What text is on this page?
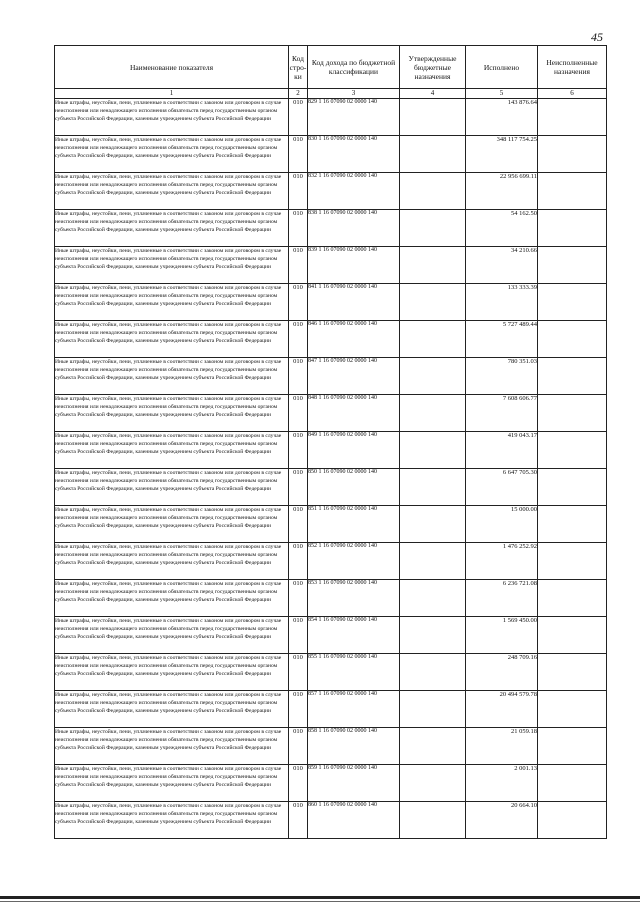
45
Наименование показателя	Код стро-ки	Код дохода по бюджетной классификации	Утвержденные бюджетные назначения	Исполнено	Неисполненные назначения
1	2	3	4	5	6
Иные штрафы, неустойки, пени, уплаченные в соответствии с законом или договором в случае неисполнения или ненадлежащего исполнения обязательств перед государственным органом субъекта Российской Федерации, казенным учреждением субъекта Российской Федерации	010	829 1 16 07090 02 0000 140		143 876.64	
Иные штрафы, неустойки, пени, уплаченные в соответствии с законом или договором в случае неисполнения или ненадлежащего исполнения обязательств перед государственным органом субъекта Российской Федерации, казенным учреждением субъекта Российской Федерации	010	830 1 16 07090 02 0000 140		348 117 754.25	
Иные штрафы, неустойки, пени, уплаченные в соответствии с законом или договором в случае неисполнения или ненадлежащего исполнения обязательств перед государственным органом субъекта Российской Федерации, казенным учреждением субъекта Российской Федерации	010	832 1 16 07090 02 0000 140		22 956 699.11	
Иные штрафы, неустойки, пени, уплаченные в соответствии с законом или договором в случае неисполнения или ненадлежащего исполнения обязательств перед государственным органом субъекта Российской Федерации, казенным учреждением субъекта Российской Федерации	010	838 1 16 07090 02 0000 140		54 162.50	
Иные штрафы, неустойки, пени, уплаченные в соответствии с законом или договором в случае неисполнения или ненадлежащего исполнения обязательств перед государственным органом субъекта Российской Федерации, казенным учреждением субъекта Российской Федерации	010	839 1 16 07090 02 0000 140		34 210.66	
Иные штрафы, неустойки, пени, уплаченные в соответствии с законом или договором в случае неисполнения или ненадлежащего исполнения обязательств перед государственным органом субъекта Российской Федерации, казенным учреждением субъекта Российской Федерации	010	841 1 16 07090 02 0000 140		133 333.39	
Иные штрафы, неустойки, пени, уплаченные в соответствии с законом или договором в случае неисполнения или ненадлежащего исполнения обязательств перед государственным органом субъекта Российской Федерации, казенным учреждением субъекта Российской Федерации	010	846 1 16 07090 02 0000 140		5 727 489.44	
Иные штрафы, неустойки, пени, уплаченные в соответствии с законом или договором в случае неисполнения или ненадлежащего исполнения обязательств перед государственным органом субъекта Российской Федерации, казенным учреждением субъекта Российской Федерации	010	847 1 16 07090 02 0000 140		780 351.03	
Иные штрафы, неустойки, пени, уплаченные в соответствии с законом или договором в случае неисполнения или ненадлежащего исполнения обязательств перед государственным органом субъекта Российской Федерации, казенным учреждением субъекта Российской Федерации	010	848 1 16 07090 02 0000 140		7 608 606.77	
Иные штрафы, неустойки, пени, уплаченные в соответствии с законом или договором в случае неисполнения или ненадлежащего исполнения обязательств перед государственным органом субъекта Российской Федерации, казенным учреждением субъекта Российской Федерации	010	849 1 16 07090 02 0000 140		419 043.17	
Иные штрафы, неустойки, пени, уплаченные в соответствии с законом или договором в случае неисполнения или ненадлежащего исполнения обязательств перед государственным органом субъекта Российской Федерации, казенным учреждением субъекта Российской Федерации	010	850 1 16 07090 02 0000 140		6 647 705.30	
Иные штрафы, неустойки, пени, уплаченные в соответствии с законом или договором в случае неисполнения или ненадлежащего исполнения обязательств перед государственным органом субъекта Российской Федерации, казенным учреждением субъекта Российской Федерации	010	851 1 16 07090 02 0000 140		15 000.00	
Иные штрафы, неустойки, пени, уплаченные в соответствии с законом или договором в случае неисполнения или ненадлежащего исполнения обязательств перед государственным органом субъекта Российской Федерации, казенным учреждением субъекта Российской Федерации	010	852 1 16 07090 02 0000 140		1 476 252.92	
Иные штрафы, неустойки, пени, уплаченные в соответствии с законом или договором в случае неисполнения или ненадлежащего исполнения обязательств перед государственным органом субъекта Российской Федерации, казенным учреждением субъекта Российской Федерации	010	853 1 16 07090 02 0000 140		6 236 721.08	
Иные штрафы, неустойки, пени, уплаченные в соответствии с законом или договором в случае неисполнения или ненадлежащего исполнения обязательств перед государственным органом субъекта Российской Федерации, казенным учреждением субъекта Российской Федерации	010	854 1 16 07090 02 0000 140		1 569 450.00	
Иные штрафы, неустойки, пени, уплаченные в соответствии с законом или договором в случае неисполнения или ненадлежащего исполнения обязательств перед государственным органом субъекта Российской Федерации, казенным учреждением субъекта Российской Федерации	010	855 1 16 07090 02 0000 140		248 709.16	
Иные штрафы, неустойки, пени, уплаченные в соответствии с законом или договором в случае неисполнения или ненадлежащего исполнения обязательств перед государственным органом субъекта Российской Федерации, казенным учреждением субъекта Российской Федерации	010	857 1 16 07090 02 0000 140		20 494 579.78	
Иные штрафы, неустойки, пени, уплаченные в соответствии с законом или договором в случае неисполнения или ненадлежащего исполнения обязательств перед государственным органом субъекта Российской Федерации, казенным учреждением субъекта Российской Федерации	010	858 1 16 07090 02 0000 140		21 059.18	
Иные штрафы, неустойки, пени, уплаченные в соответствии с законом или договором в случае неисполнения или ненадлежащего исполнения обязательств перед государственным органом субъекта Российской Федерации, казенным учреждением субъекта Российской Федерации	010	859 1 16 07090 02 0000 140		2 001.13	
Иные штрафы, неустойки, пени, уплаченные в соответствии с законом или договором в случае неисполнения или ненадлежащего исполнения обязательств перед государственным органом субъекта Российской Федерации, казенным учреждением субъекта Российской Федерации	010	860 1 16 07090 02 0000 140		20 664.10	
